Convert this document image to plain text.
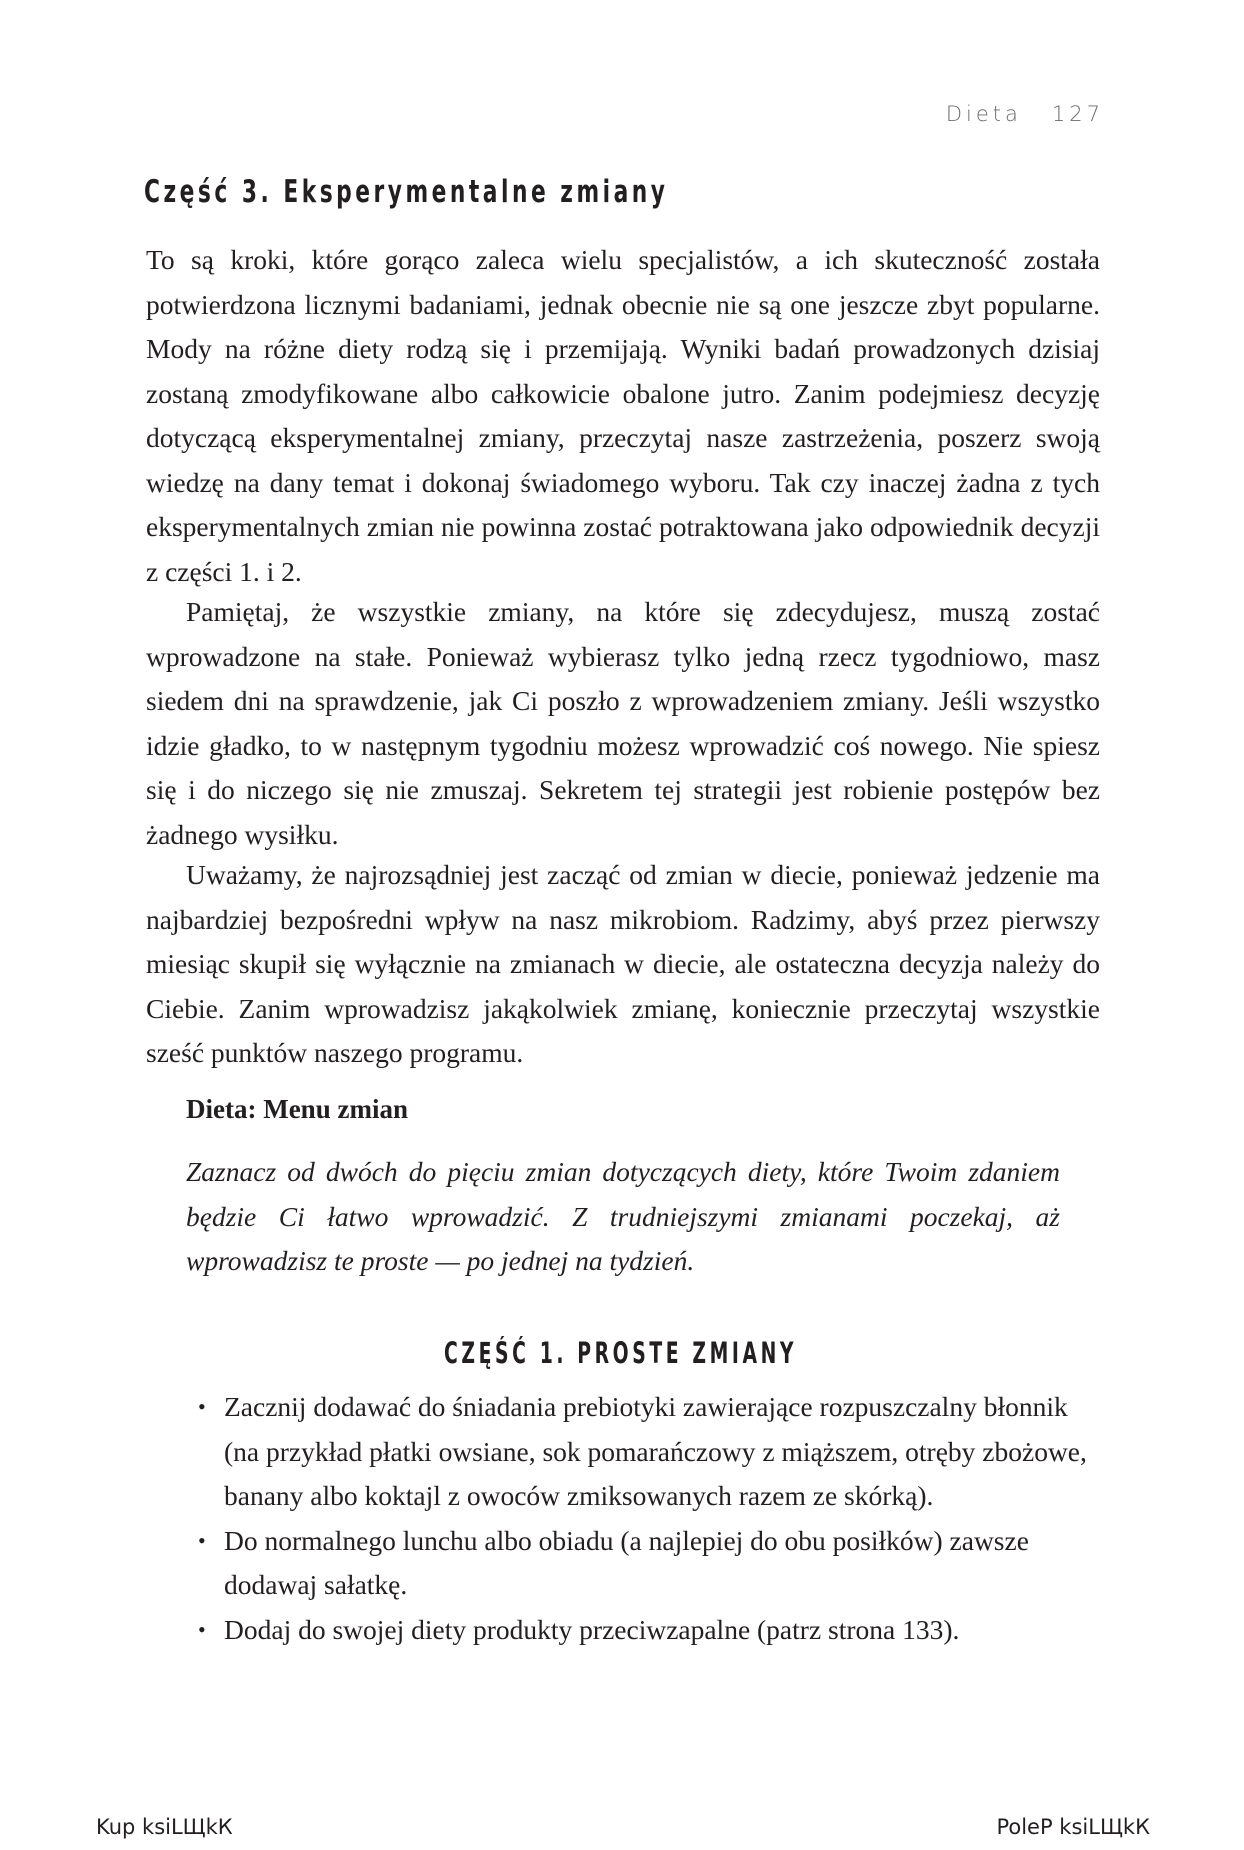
Dieta 127
Część 3. Eksperymentalne zmiany

To są kroki, które gorąco zaleca wielu specjalistów, a ich skuteczność została potwierdzona licznymi badaniami, jednak obecnie nie są one jeszcze zbyt popularne. Mody na różne diety rodzą się i przemijają. Wyniki badań prowadzonych dzisiaj zostaną zmodyfikowane albo całkowicie obalone jutro. Zanim podejmiesz decyzję dotyczącą eksperymentalnej zmiany, przeczytaj nasze zastrzeżenia, poszerz swoją wiedzę na dany temat i dokonaj świadomego wyboru. Tak czy inaczej żadna z tych eksperymentalnych zmian nie powinna zostać potraktowana jako odpowiednik decyzji z części 1. i 2.

Pamiętaj, że wszystkie zmiany, na które się zdecydujesz, muszą zostać wprowadzone na stałe. Ponieważ wybierasz tylko jedną rzecz tygodniowo, masz siedem dni na sprawdzenie, jak Ci poszło z wprowadzeniem zmiany. Jeśli wszystko idzie gładko, to w następnym tygodniu możesz wprowadzić coś nowego. Nie spiesz się i do niczego się nie zmuszaj. Sekretem tej strategii jest robienie postępów bez żadnego wysiłku.

Uważamy, że najrozsądniej jest zacząć od zmian w diecie, ponieważ jedzenie ma najbardziej bezpośredni wpływ na nasz mikrobiom. Radzimy, abyś przez pierwszy miesiąc skupił się wyłącznie na zmianach w diecie, ale ostateczna decyzja należy do Ciebie. Zanim wprowadzisz jakąkolwiek zmianę, koniecznie przeczytaj wszystkie sześć punktów naszego programu.

Dieta: Menu zmian

Zaznacz od dwóch do pięciu zmian dotyczących diety, które Twoim zdaniem będzie Ci łatwo wprowadzić. Z trudniejszymi zmianami poczekaj, aż wprowadzisz te proste — po jednej na tydzień.

CZĘŚĆ 1. PROSTE ZMIANY
• Zacznij dodawać do śniadania prebiotyki zawierające rozpuszczalny błonnik (na przykład płatki owsiane, sok pomarańczowy z miąższem, otręby zbożowe, banany albo koktajl z owoców zmiksowanych razem ze skórką).
• Do normalnego lunchu albo obiadu (a najlepiej do obu posiłków) zawsze dodawaj sałatkę.
• Dodaj do swojej diety produkty przeciwzapalne (patrz strona 133).
Kup ksiLЩkК	PoleР ksiLЩkК
